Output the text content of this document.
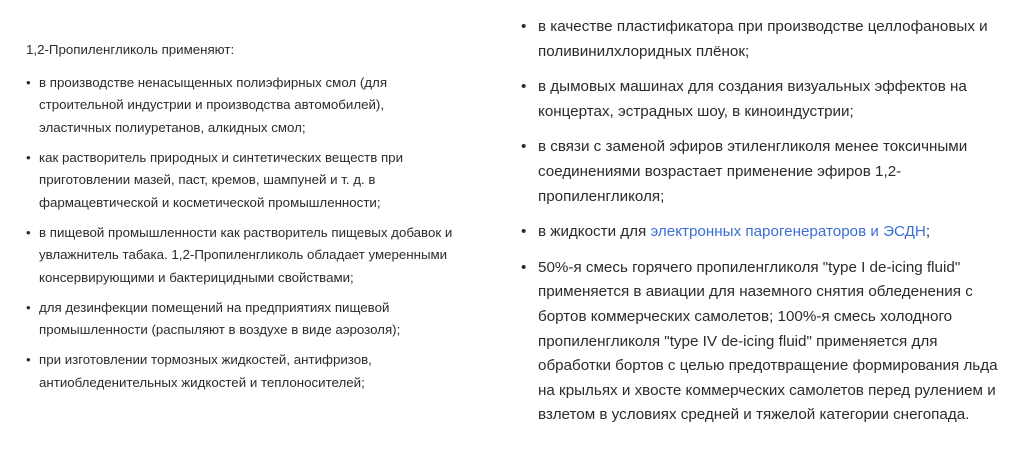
1,2-Пропиленгликоль применяют:

• в производстве ненасыщенных полиэфирных смол (для строительной индустрии и производства автомобилей), эластичных полиуретанов, алкидных смол;
• как растворитель природных и синтетических веществ при приготовлении мазей, паст, кремов, шампуней и т. д. в фармацевтической и косметической промышленности;
• в пищевой промышленности как растворитель пищевых добавок и увлажнитель табака. 1,2-Пропиленгликоль обладает умеренными консервирующими и бактерицидными свойствами;
• для дезинфекции помещений на предприятиях пищевой промышленности (распыляют в воздухе в виде аэрозоля);
• при изготовлении тормозных жидкостей, антифризов, антиобледенительных жидкостей и теплоносителей;
• в качестве пластификатора при производстве целлофановых и поливинилхлоридных плёнок;
• в дымовых машинах для создания визуальных эффектов на концертах, эстрадных шоу, в киноиндустрии;
• в связи с заменой эфиров этиленгликоля менее токсичными соединениями возрастает применение эфиров 1,2-пропиленгликоля;
• в жидкости для электронных парогенераторов и ЭСДН;
• 50%-я смесь горячего пропиленгликоля "type I de-icing fluid" применяется в авиации для наземного снятия обледенения с бортов коммерческих самолетов; 100%-я смесь холодного пропиленгликоля "type IV de-icing fluid" применяется для обработки бортов с целью предотвращение формирования льда на крыльях и хвосте коммерческих самолетов перед рулением и взлетом в условиях средней и тяжелой категории снегопада.
